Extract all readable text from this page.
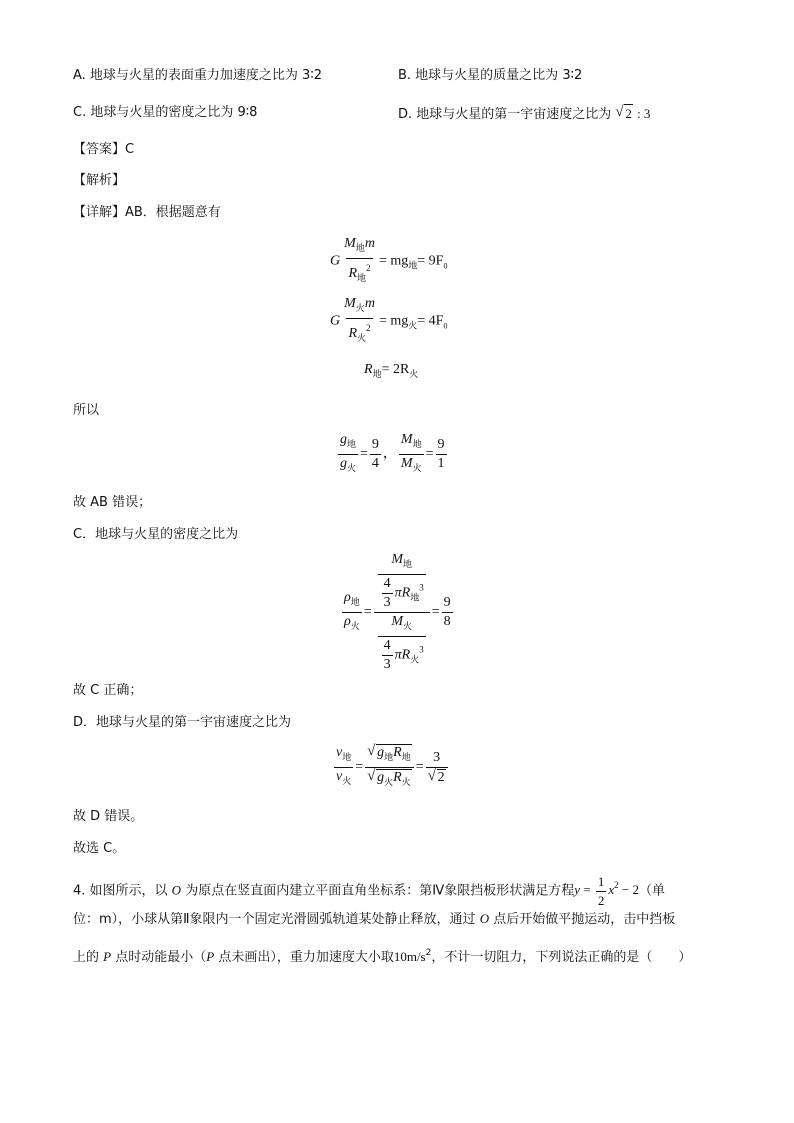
A. 地球与火星的表面重力加速度之比为 3∶2	B. 地球与火星的质量之比为 3∶2
C. 地球与火星的密度之比为 9∶8	D. 地球与火星的第一宇宙速度之比为 √ 2 : 3
【答案】C
【解析】
【详解】AB．根据题意有
G $\frac{M_地m}{R_地^2} = mg_地= 9F_0$
G $\frac{M_火m}{R_火^2} = mg_火= 4F_0$
$R_地= 2R_火$
所以
$\frac{g_地}{g_火} = \frac{9}{4}$ ， $\frac{M_地}{M_火} = \frac{9}{1}$
故 AB 错误；
C．地球与火星的密度之比为
$\frac{\rho_地}{\rho_火} = \frac{\frac{M_地}{\frac{4}{3} \pi R_地^3}}{\frac{M_火}{\frac{4}{3} \pi R_火^3}} = \frac{9}{8}$
故 C 正确；
D．地球与火星的第一宇宙速度之比为
$\frac{v_地}{v_火} = \frac{√ g_地R_地}{√ g_火R_火} = \frac{3}{√ 2}$
故 D 错误。
故选 C。
4. 如图所示，以 O 为原点在竖直面内建立平面直角坐标系：第Ⅳ象限挡板形状满足方程$y = \frac{1}{2} x^2 - 2$（单
位：m），小球从第Ⅱ象限内一个固定光滑圆弧轨道某处静止释放，通过 O 点后开始做平抛运动，击中挡板
上的 P 点时动能最小（P 点未画出），重力加速度大小取$10m/s^2$，不计一切阻力，下列说法正确的是（　　）
